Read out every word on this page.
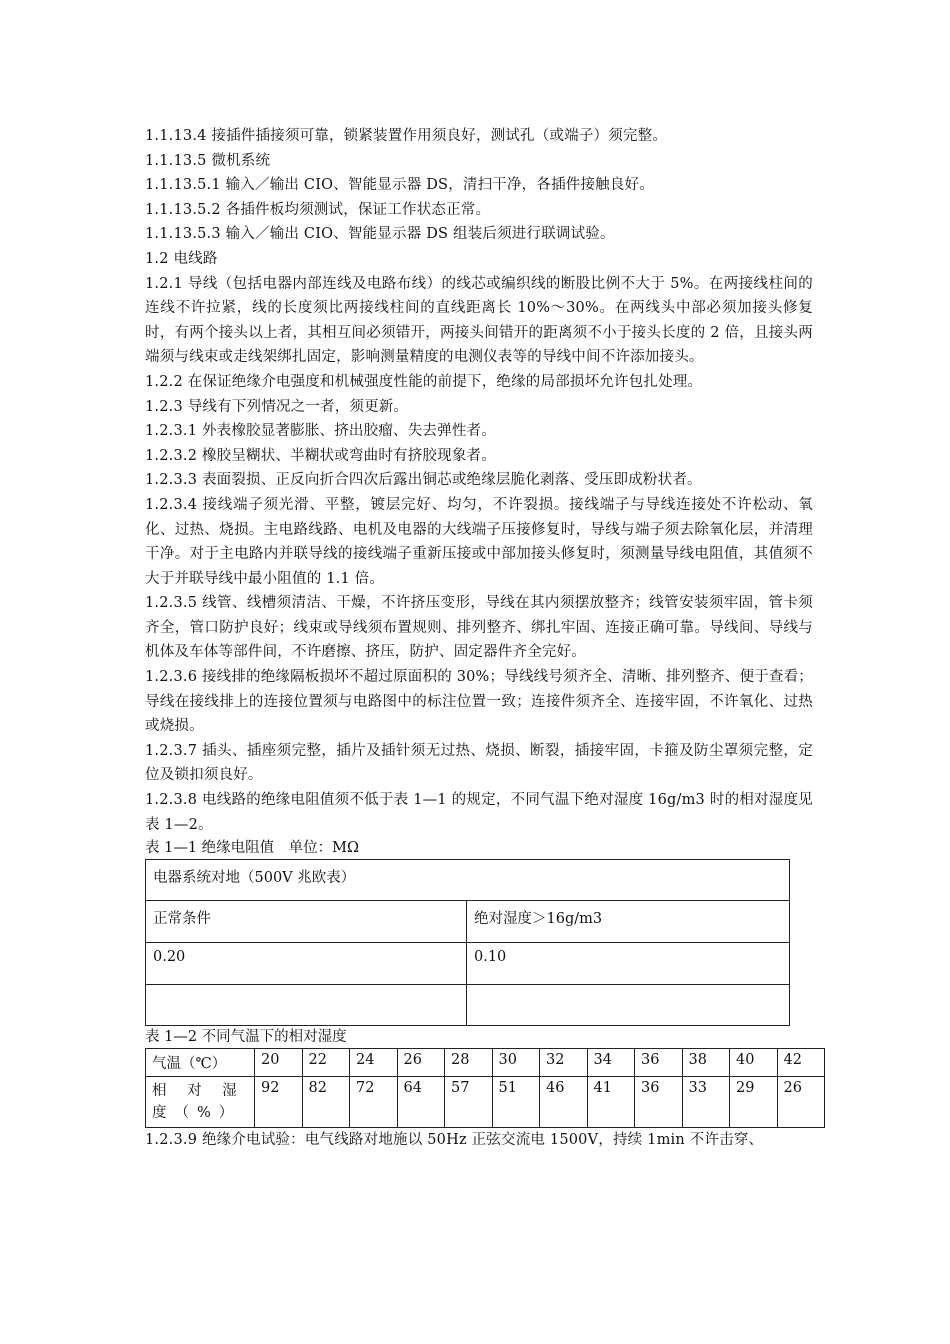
1.1.13.4 接插件插接须可靠，锁紧装置作用须良好，测试孔（或端子）须完整。

1.1.13.5 微机系统

1.1.13.5.1 输入／输出 CIO、智能显示器 DS，清扫干净，各插件接触良好。

1.1.13.5.2 各插件板均须测试，保证工作状态正常。

1.1.13.5.3 输入／输出 CIO、智能显示器 DS 组装后须进行联调试验。

1.2 电线路

1.2.1 导线（包括电器内部连线及电路布线）的线芯或编织线的断股比例不大于 5%。在两接线柱间的连线不许拉紧，线的长度须比两接线柱间的直线距离长 10%～30%。在两线头中部必须加接头修复时，有两个接头以上者，其相互间必须错开，两接头间错开的距离须不小于接头长度的 2 倍，且接头两端须与线束或走线架绑扎固定，影响测量精度的电测仪表等的导线中间不许添加接头。

1.2.2 在保证绝缘介电强度和机械强度性能的前提下，绝缘的局部损坏允许包扎处理。

1.2.3 导线有下列情况之一者，须更新。

1.2.3.1 外表橡胶显著膨胀、挤出胶瘤、失去弹性者。

1.2.3.2 橡胶呈糊状、半糊状或弯曲时有挤胶现象者。

1.2.3.3 表面裂损、正反向折合四次后露出铜芯或绝缘层脆化剥落、受压即成粉状者。

1.2.3.4 接线端子须光滑、平整，镀层完好、均匀，不许裂损。接线端子与导线连接处不许松动、氧化、过热、烧损。主电路线路、电机及电器的大线端子压接修复时，导线与端子须去除氧化层，并清理干净。对于主电路内并联导线的接线端子重新压接或中部加接头修复时，须测量导线电阻值，其值须不大于并联导线中最小阻值的 1.1 倍。

1.2.3.5 线管、线槽须清洁、干燥，不许挤压变形，导线在其内须摆放整齐；线管安装须牢固，管卡须齐全，管口防护良好；线束或导线须布置规则、排列整齐、绑扎牢固、连接正确可靠。导线间、导线与机体及车体等部件间，不许磨擦、挤压，防护、固定器件齐全完好。

1.2.3.6 接线排的绝缘隔板损坏不超过原面积的 30%；导线线号须齐全、清晰、排列整齐、便于查看；导线在接线排上的连接位置须与电路图中的标注位置一致；连接件须齐全、连接牢固，不许氧化、过热或烧损。

1.2.3.7 插头、插座须完整，插片及插针须无过热、烧损、断裂，插接牢固，卡箍及防尘罩须完整，定位及锁扣须良好。

1.2.3.8 电线路的绝缘电阻值须不低于表 1—1 的规定，不同气温下绝对湿度 16g/m3 时的相对湿度见表 1—2。

表 1—1 绝缘电阻值　单位：MΩ

电器系统对地（500V 兆欧表）	
正常条件	绝对湿度＞16g/m3
0.20	0.10

表 1—2 不同气温下的相对湿度

气温（℃）	20	22	24	26	28	30	32	34	36	38	40	42
相 对 湿 度（%）	92	82	72	64	57	51	46	41	36	33	29	26

1.2.3.9 绝缘介电试验：电气线路对地施以 50Hz 正弦交流电 1500V，持续 1min 不许击穿、
